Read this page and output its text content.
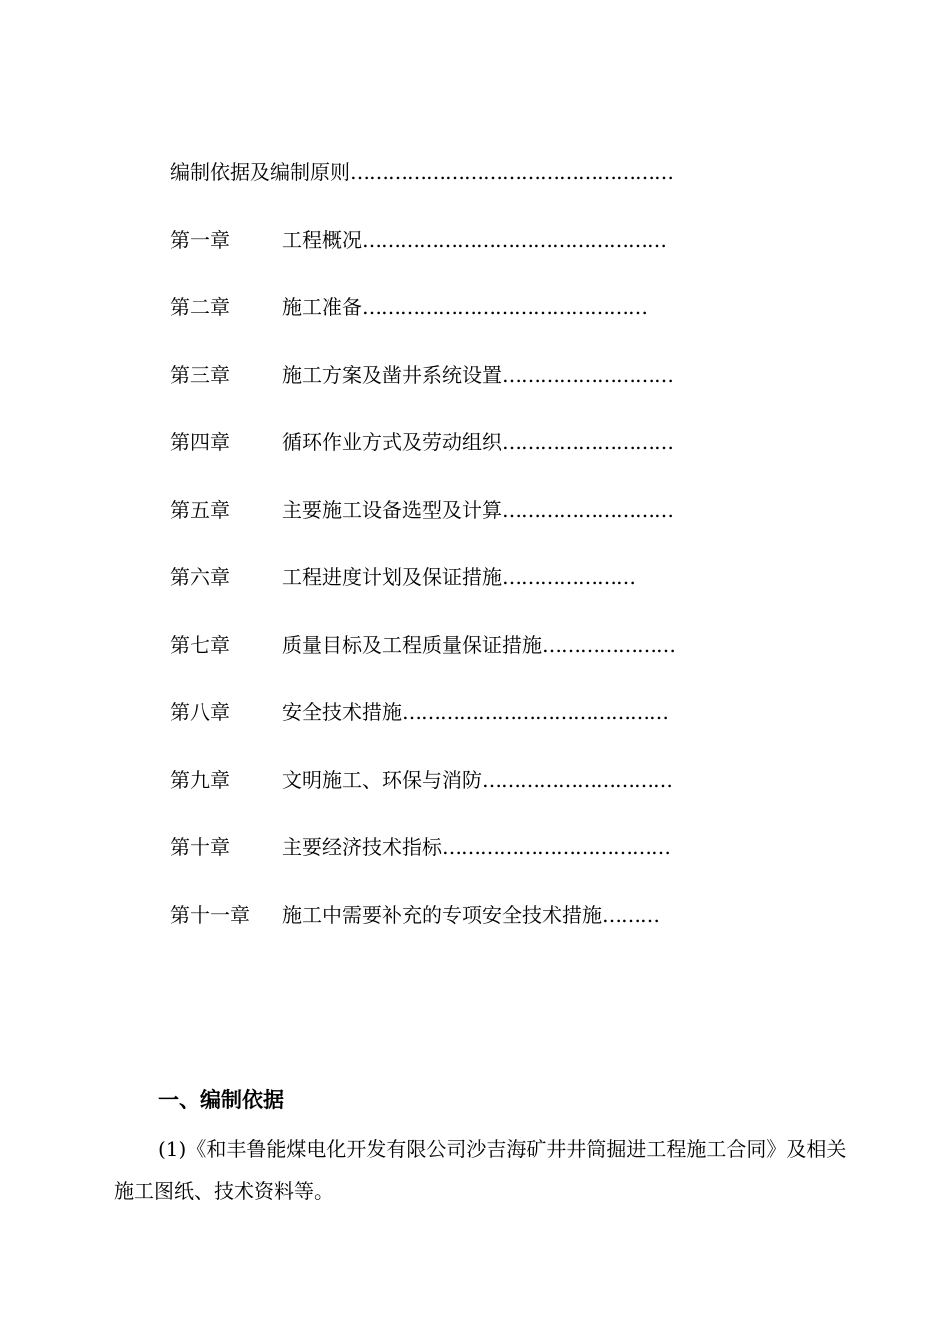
编制依据及编制原则 ……………………………………………
第一章	工程概况 …………………………………………
第二章	施工准备 ………………………………………
第三章	施工方案及凿井系统设置 ………………………
第四章	循环作业方式及劳动组织 ………………………
第五章	主要施工设备选型及计算 ………………………
第六章	工程进度计划及保证措施 …………………
第七章	质量目标及工程质量保证措施 …………………
第八章	安全技术措施 ……………………………………
第九章	文明施工、环保与消防 …………………………
第十章	主要经济技术指标 ………………………………
第十一章	施工中需要补充的专项安全技术措施 ………
一、编制依据
(1)《和丰鲁能煤电化开发有限公司沙吉海矿井井筒掘进工程施工合同》及相关施工图纸、技术资料等。
